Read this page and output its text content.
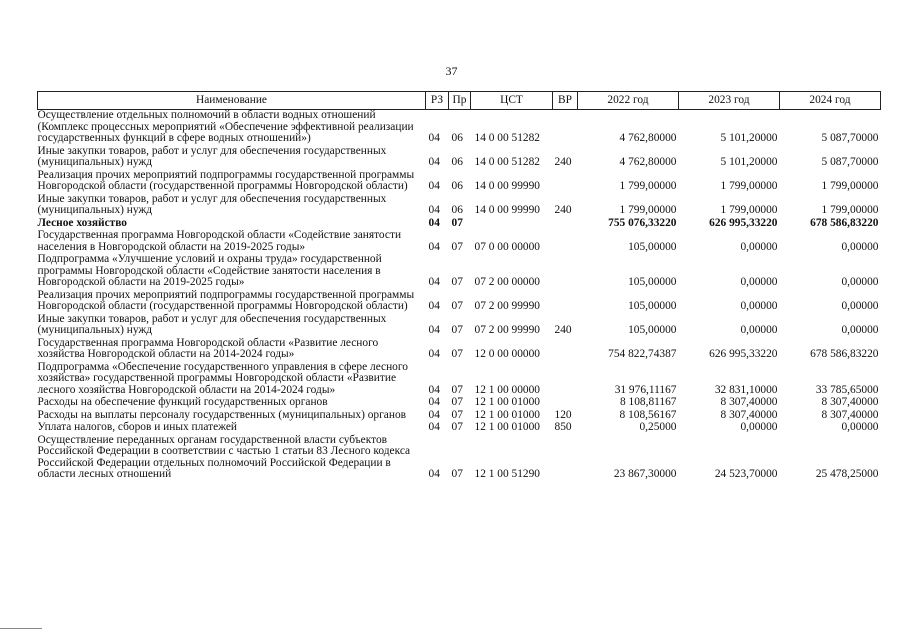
37
Наименование	РЗ	Пр	ЦСТ	ВР	2022 год	2023 год	2024 год
Осуществление отдельных полномочий в области водных отношений (Комплекс процессных мероприятий «Обеспечение эффективной реализации государственных функций в сфере водных отношений»)	04	06	14 0 00 51282		4 762,80000	5 101,20000	5 087,70000
Иные закупки товаров, работ и услуг для обеспечения государственных (муниципальных) нужд	04	06	14 0 00 51282	240	4 762,80000	5 101,20000	5 087,70000
Реализация прочих мероприятий подпрограммы государственной программы Новгородской области (государственной программы Новгородской области)	04	06	14 0 00 99990		1 799,00000	1 799,00000	1 799,00000
Иные закупки товаров, работ и услуг для обеспечения государственных (муниципальных) нужд	04	06	14 0 00 99990	240	1 799,00000	1 799,00000	1 799,00000
Лесное хозяйство	04	07			755 076,33220	626 995,33220	678 586,83220
Государственная программа Новгородской области «Содействие занятости населения в Новгородской области на 2019-2025 годы»	04	07	07 0 00 00000		105,00000	0,00000	0,00000
Подпрограмма «Улучшение условий и охраны труда» государственной программы Новгородской области «Содействие занятости населения в Новгородской области на 2019-2025 годы»	04	07	07 2 00 00000		105,00000	0,00000	0,00000
Реализация прочих мероприятий подпрограммы государственной программы Новгородской области (государственной программы Новгородской области)	04	07	07 2 00 99990		105,00000	0,00000	0,00000
Иные закупки товаров, работ и услуг для обеспечения государственных (муниципальных) нужд	04	07	07 2 00 99990	240	105,00000	0,00000	0,00000
Государственная программа Новгородской области «Развитие лесного хозяйства Новгородской области на 2014-2024 годы»	04	07	12 0 00 00000		754 822,74387	626 995,33220	678 586,83220
Подпрограмма «Обеспечение государственного управления в сфере лесного хозяйства» государственной программы Новгородской области «Развитие лесного хозяйства Новгородской области на 2014-2024 годы»	04	07	12 1 00 00000		31 976,11167	32 831,10000	33 785,65000
Расходы на обеспечение функций государственных органов	04	07	12 1 00 01000		8 108,81167	8 307,40000	8 307,40000
Расходы на выплаты персоналу государственных (муниципальных) органов	04	07	12 1 00 01000	120	8 108,56167	8 307,40000	8 307,40000
Уплата налогов, сборов и иных платежей	04	07	12 1 00 01000	850	0,25000	0,00000	0,00000
Осуществление переданных органам государственной власти субъектов Российской Федерации в соответствии с частью 1 статьи 83 Лесного кодекса Российской Федерации отдельных полномочий Российской Федерации в области лесных отношений	04	07	12 1 00 51290		23 867,30000	24 523,70000	25 478,25000
